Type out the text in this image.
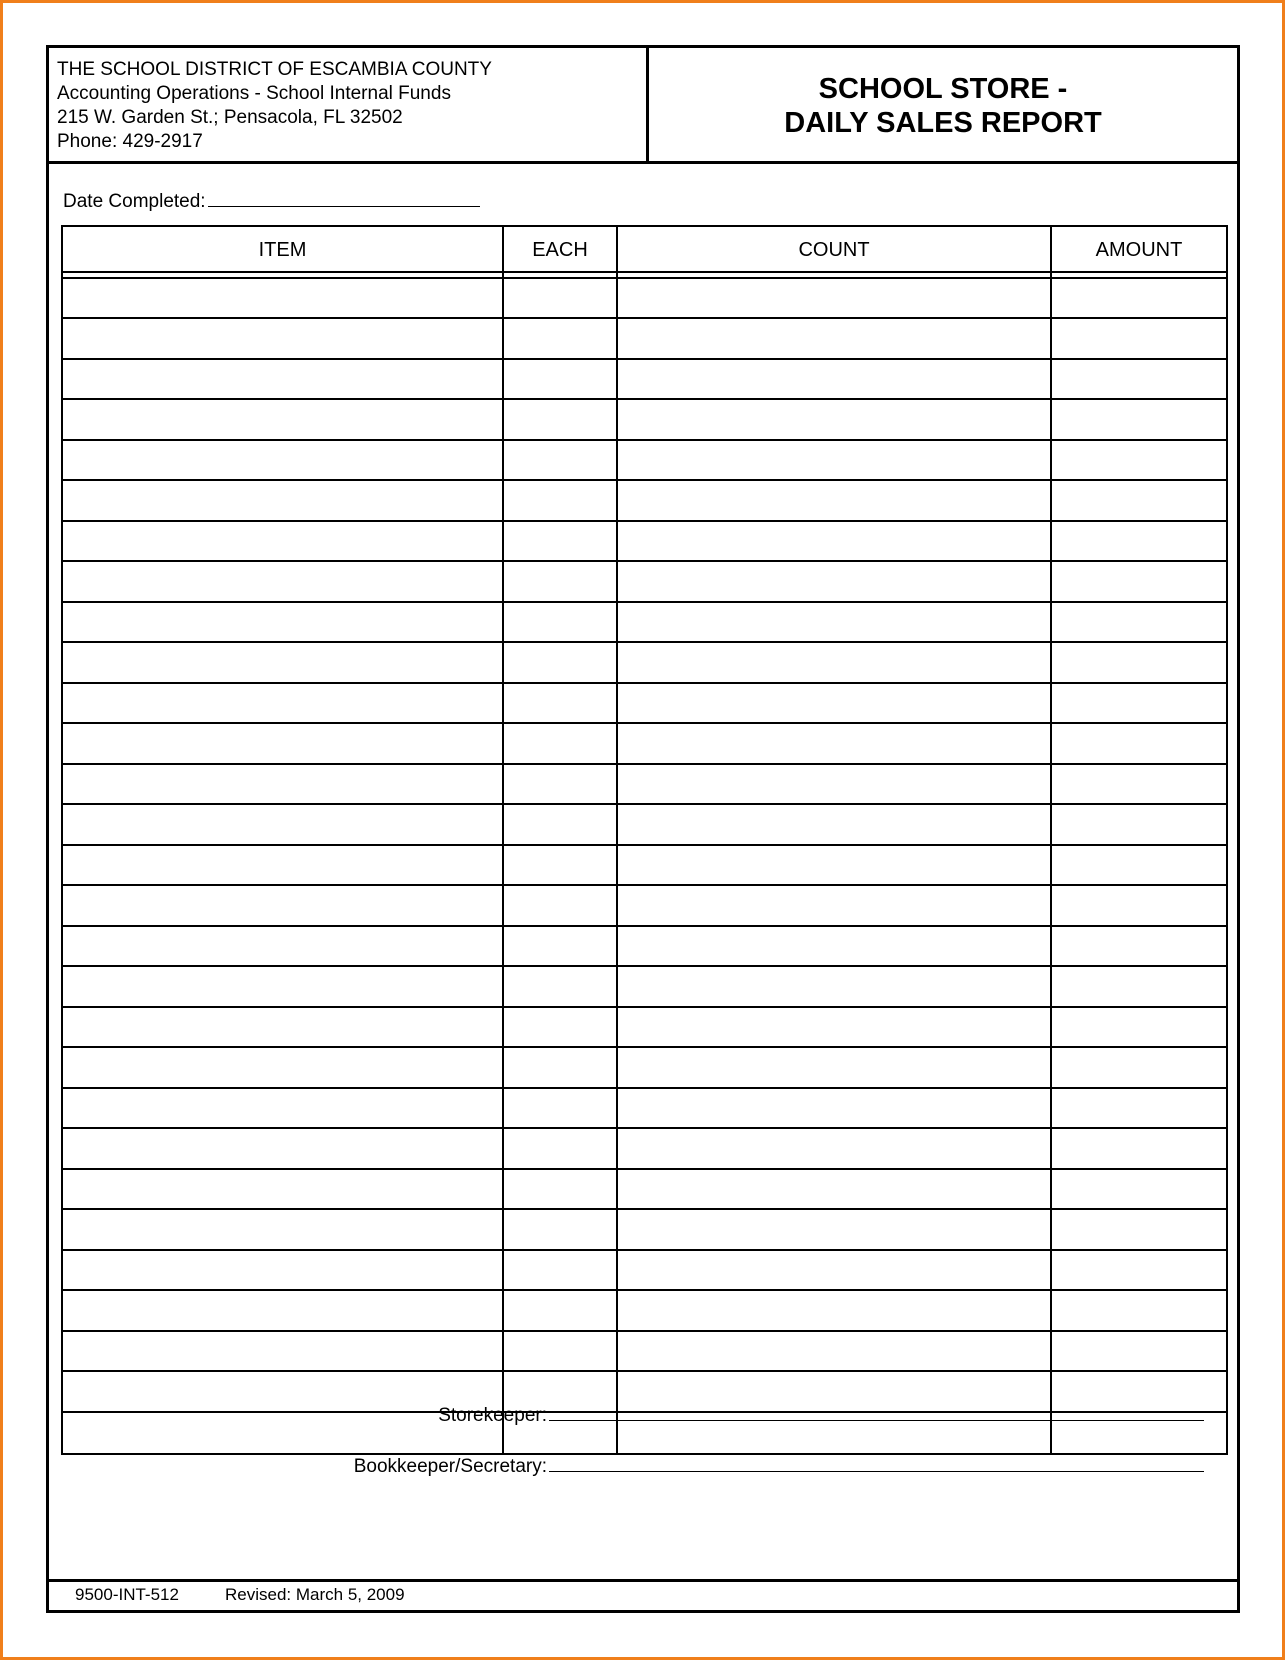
THE SCHOOL DISTRICT OF ESCAMBIA COUNTY
Accounting Operations - School Internal Funds
215 W. Garden St.; Pensacola, FL 32502
Phone: 429-2917
SCHOOL STORE -
DAILY SALES REPORT
Date Completed:
ITEM	EACH	COUNT	AMOUNT
Storekeeper:
Bookkeeper/Secretary:
9500-INT-512	Revised: March 5, 2009
